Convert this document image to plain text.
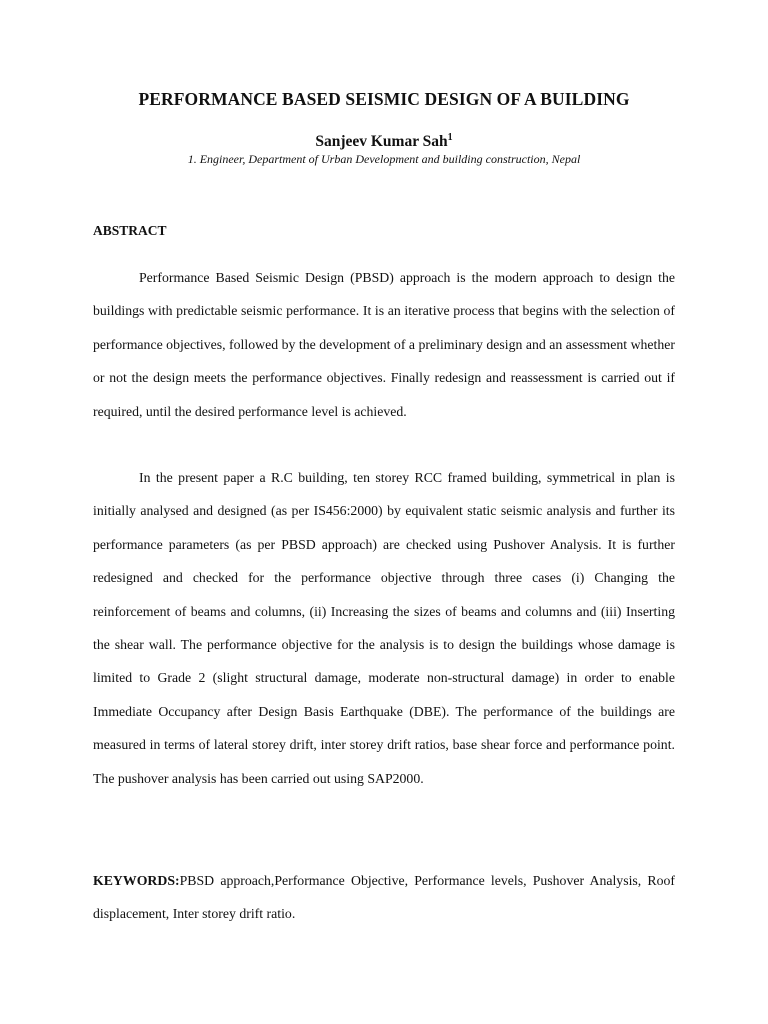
PERFORMANCE BASED SEISMIC DESIGN OF A BUILDING
Sanjeev Kumar Sah$^1$
1. Engineer, Department of Urban Development and building construction, Nepal
ABSTRACT

Performance Based Seismic Design (PBSD) approach is the modern approach to design the buildings with predictable seismic performance. It is an iterative process that begins with the selection of performance objectives, followed by the development of a preliminary design and an assessment whether or not the design meets the performance objectives. Finally redesign and reassessment is carried out if required, until the desired performance level is achieved.

In the present paper a R.C building, ten storey RCC framed building, symmetrical in plan is initially analysed and designed (as per IS456:2000) by equivalent static seismic analysis and further its performance parameters (as per PBSD approach) are checked using Pushover Analysis. It is further redesigned and checked for the performance objective through three cases (i) Changing the reinforcement of beams and columns, (ii) Increasing the sizes of beams and columns and (iii) Inserting the shear wall. The performance objective for the analysis is to design the buildings whose damage is limited to Grade 2 (slight structural damage, moderate non-structural damage) in order to enable Immediate Occupancy after Design Basis Earthquake (DBE). The performance of the buildings are measured in terms of lateral storey drift, inter storey drift ratios, base shear force and performance point. The pushover analysis has been carried out using SAP2000.

KEYWORDS:PBSD approach,Performance Objective, Performance levels, Pushover Analysis, Roof displacement, Inter storey drift ratio.
